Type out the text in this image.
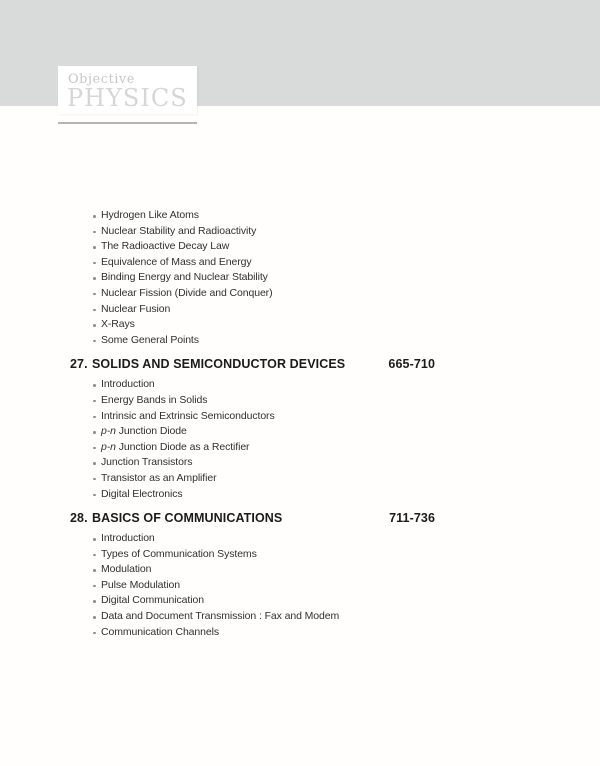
Objective
PHYSICS
Hydrogen Like Atoms
Nuclear Stability and Radioactivity
The Radioactive Decay Law
Equivalence of Mass and Energy
Binding Energy and Nuclear Stability
Nuclear Fission (Divide and Conquer)
Nuclear Fusion
X-Rays
Some General Points
27. SOLIDS AND SEMICONDUCTOR DEVICES	665-710
Introduction
Energy Bands in Solids
Intrinsic and Extrinsic Semiconductors
p-n Junction Diode
p-n Junction Diode as a Rectifier
Junction Transistors
Transistor as an Amplifier
Digital Electronics
28. BASICS OF COMMUNICATIONS	711-736
Introduction
Types of Communication Systems
Modulation
Pulse Modulation
Digital Communication
Data and Document Transmission : Fax and Modem
Communication Channels
